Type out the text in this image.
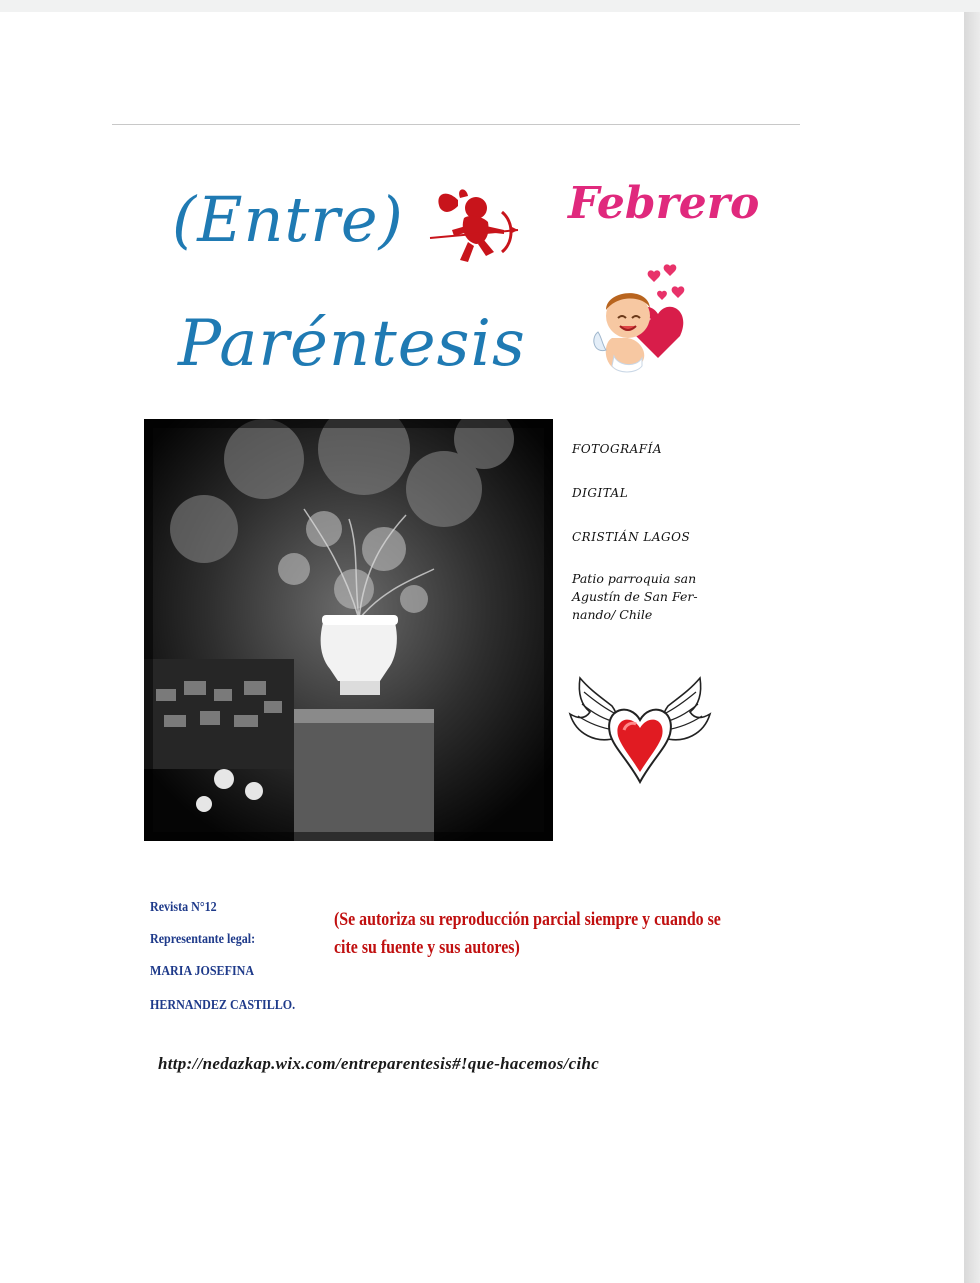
(Entre)
Paréntesis
Febrero
FOTOGRAFÍA
DIGITAL
CRISTIÁN LAGOS
Patio parroquia san Agustín de San Fer-nando/ Chile
Revista N°12
Representante legal:
MARIA JOSEFINA
HERNANDEZ CASTILLO.
(Se autoriza su reproducción parcial siempre y cuando se cite su fuente y sus autores)
http://nedazkap.wix.com/entreparentesis#!que-hacemos/cihc
